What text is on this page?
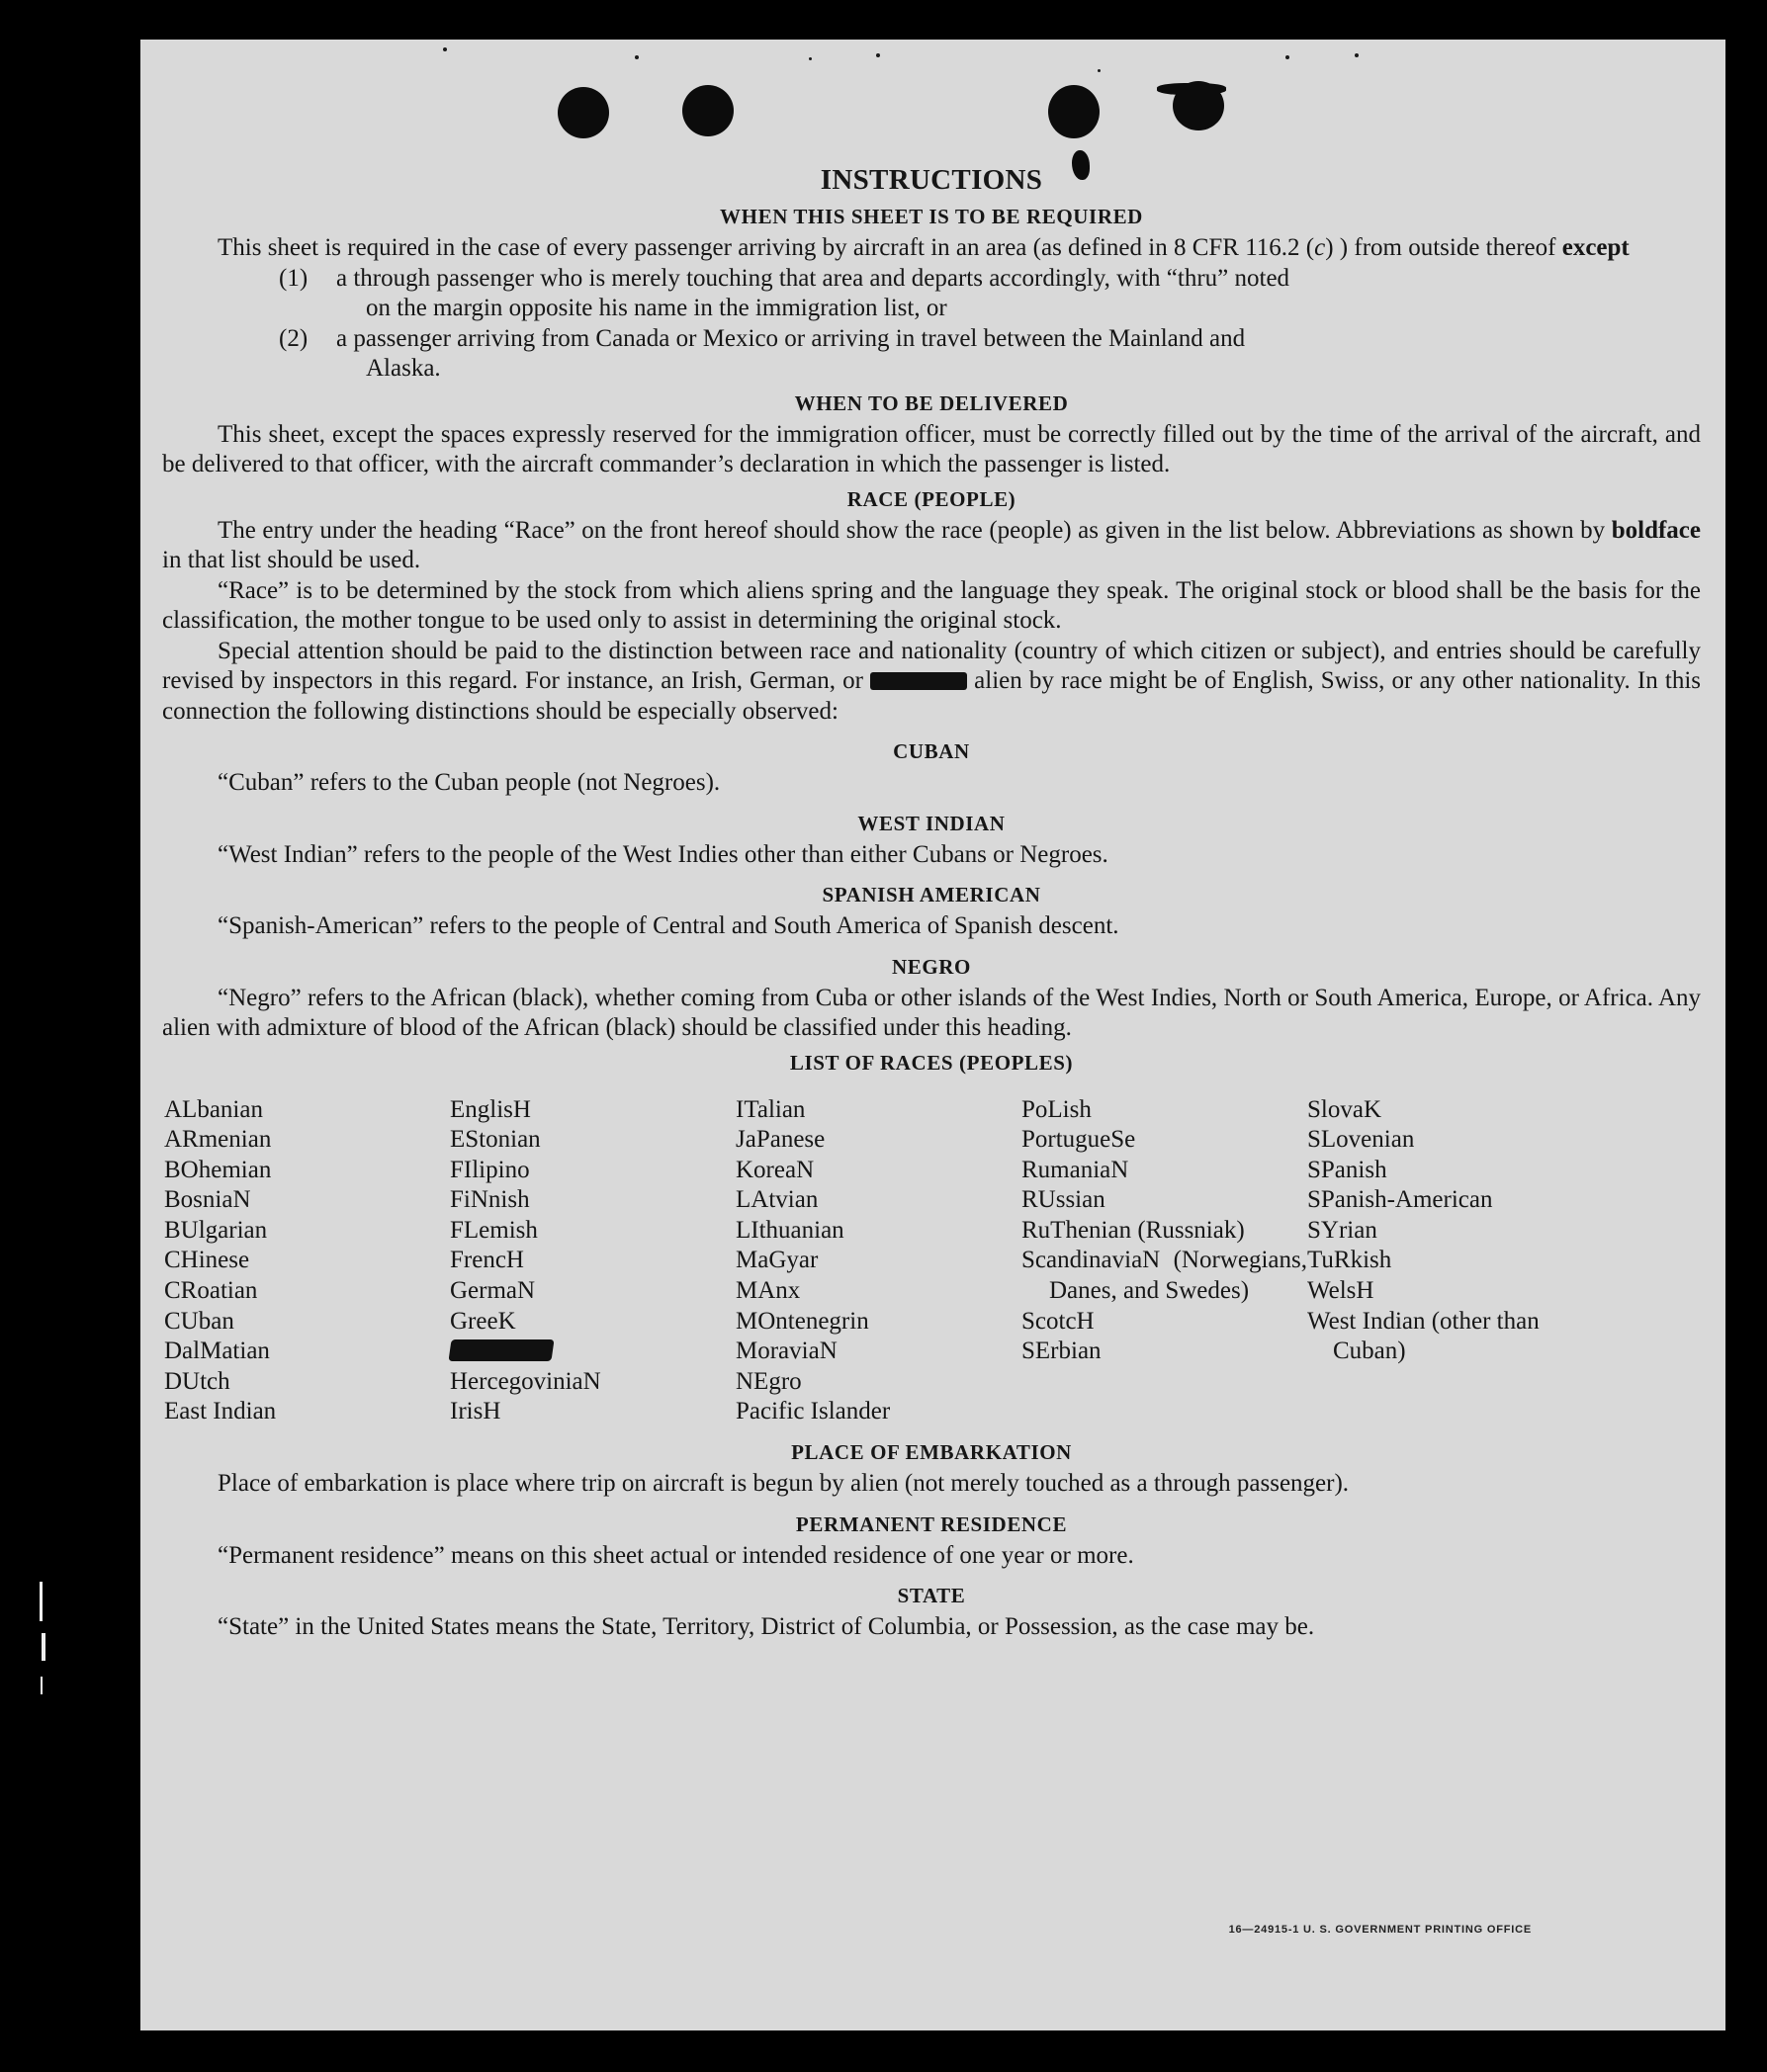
INSTRUCTIONS
WHEN THIS SHEET IS TO BE REQUIRED

This sheet is required in the case of every passenger arriving by aircraft in an area (as defined in 8 CFR 116.2 (c) ) from outside thereof except

(1)	a through passenger who is merely touching that area and departs accordingly, with “thru” noted
on the margin opposite his name in the immigration list, or
(2)	a passenger arriving from Canada or Mexico or arriving in travel between the Mainland and
Alaska.
WHEN TO BE DELIVERED

This sheet, except the spaces expressly reserved for the immigration officer, must be correctly filled out by the time of the arrival of the aircraft, and be delivered to that officer, with the aircraft commander’s declaration in which the passenger is listed.

RACE (PEOPLE)

The entry under the heading “Race” on the front hereof should show the race (people) as given in the list below. Abbreviations as shown by boldface in that list should be used.

“Race” is to be determined by the stock from which aliens spring and the language they speak. The original stock or blood shall be the basis for the classification, the mother tongue to be used only to assist in determining the original stock.

Special attention should be paid to the distinction between race and nationality (country of which citizen or subject), and entries should be carefully revised by inspectors in this regard. For instance, an Irish, German, or	alien by race might be of English, Swiss, or any other nationality. In this connection the following distinctions should be especially observed:

CUBAN

“Cuban” refers to the Cuban people (not Negroes).

WEST INDIAN

“West Indian” refers to the people of the West Indies other than either Cubans or Negroes.

SPANISH AMERICAN

“Spanish-American” refers to the people of Central and South America of Spanish descent.

NEGRO

“Negro” refers to the African (black), whether coming from Cuba or other islands of the West Indies, North or South America, Europe, or Africa. Any alien with admixture of blood of the African (black) should be classified under this heading.

LIST OF RACES (PEOPLES)
ALbanian
ARmenian
BOhemian
BosniaN
BUlgarian
CHinese
CRoatian
CUban
DalMatian
DUtch
East Indian
EnglisH
EStonian
FIlipino
FiNnish
FLemish
FrencH
GermaN
GreeK
HercegoviniaN
IrisH
ITalian
JaPanese
KoreaN
LAtvian
LIthuanian
MaGyar
MAnx
MOntenegrin
MoraviaN
NEgro
Pacific Islander
PoLish
PortugueSe
RumaniaN
RUssian
RuThenian (Russniak)
ScandinaviaN (Norwegians, Danes, and Swedes)
ScotcH
SErbian
SlovaK
SLovenian
SPanish
SPanish-American
SYrian
TuRkish
WelsH
West Indian (other than Cuban)
PLACE OF EMBARKATION

Place of embarkation is place where trip on aircraft is begun by alien (not merely touched as a through passenger).

PERMANENT RESIDENCE

“Permanent residence” means on this sheet actual or intended residence of one year or more.

STATE

“State” in the United States means the State, Territory, District of Columbia, or Possession, as the case may be.

16—24915-1 U. S. GOVERNMENT PRINTING OFFICE
